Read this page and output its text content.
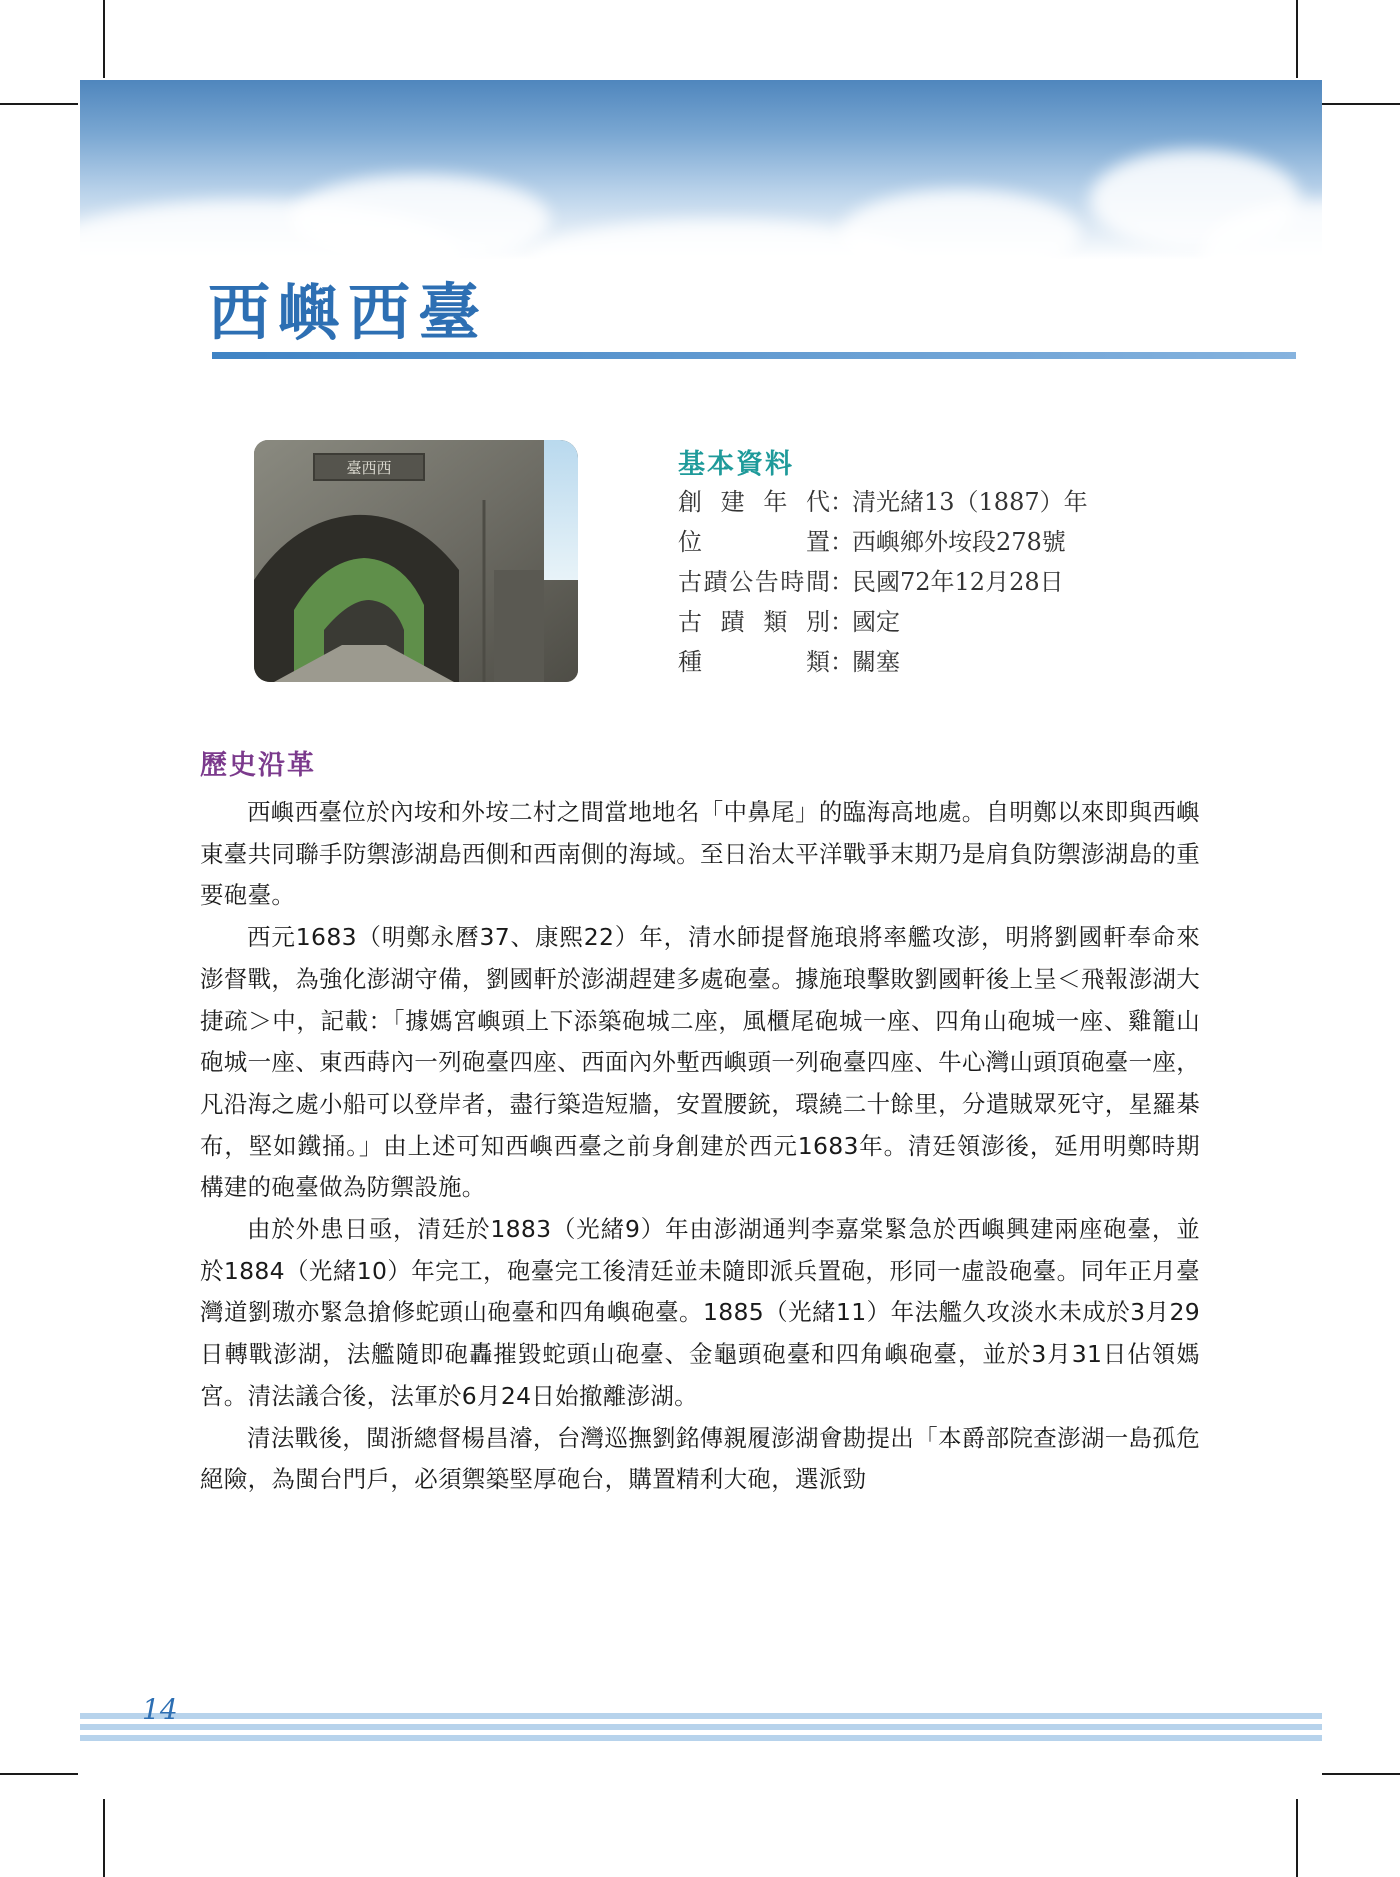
西嶼西臺
臺西西	基本資料
創建年代：清光緒13（1887）年
位置：西嶼鄉外垵段278號
古蹟公告時間：民國72年12月28日
古蹟類別：國定
種類：關塞
歷史沿革

西嶼西臺位於內垵和外垵二村之間當地地名「中鼻尾」的臨海高地處。自明鄭以來即與西嶼東臺共同聯手防禦澎湖島西側和西南側的海域。至日治太平洋戰爭末期乃是肩負防禦澎湖島的重要砲臺。

西元1683（明鄭永曆37、康熙22）年，清水師提督施琅將率艦攻澎，明將劉國軒奉命來澎督戰，為強化澎湖守備，劉國軒於澎湖趕建多處砲臺。據施琅擊敗劉國軒後上呈＜飛報澎湖大捷疏＞中，記載：「據媽宮嶼頭上下添築砲城二座，風櫃尾砲城一座、四角山砲城一座、雞籠山砲城一座、東西蒔內一列砲臺四座、西面內外塹西嶼頭一列砲臺四座、牛心灣山頭頂砲臺一座，凡沿海之處小船可以登岸者，盡行築造短牆，安置腰銃，環繞二十餘里，分遣賊眾死守，星羅棊布，堅如鐵捅。」由上述可知西嶼西臺之前身創建於西元1683年。清廷領澎後，延用明鄭時期構建的砲臺做為防禦設施。

由於外患日亟，清廷於1883（光緒9）年由澎湖通判李嘉棠緊急於西嶼興建兩座砲臺，並於1884（光緒10）年完工，砲臺完工後清廷並未隨即派兵置砲，形同一虛設砲臺。同年正月臺灣道劉璈亦緊急搶修蛇頭山砲臺和四角嶼砲臺。1885（光緒11）年法艦久攻淡水未成於3月29日轉戰澎湖，法艦隨即砲轟摧毀蛇頭山砲臺、金龜頭砲臺和四角嶼砲臺，並於3月31日佔領媽宮。清法議合後，法軍於6月24日始撤離澎湖。

清法戰後，閩浙總督楊昌濬，台灣巡撫劉銘傳親履澎湖會勘提出「本爵部院查澎湖一島孤危絕險，為閩台門戶，必須禦築堅厚砲台，購置精利大砲，選派勁

14
